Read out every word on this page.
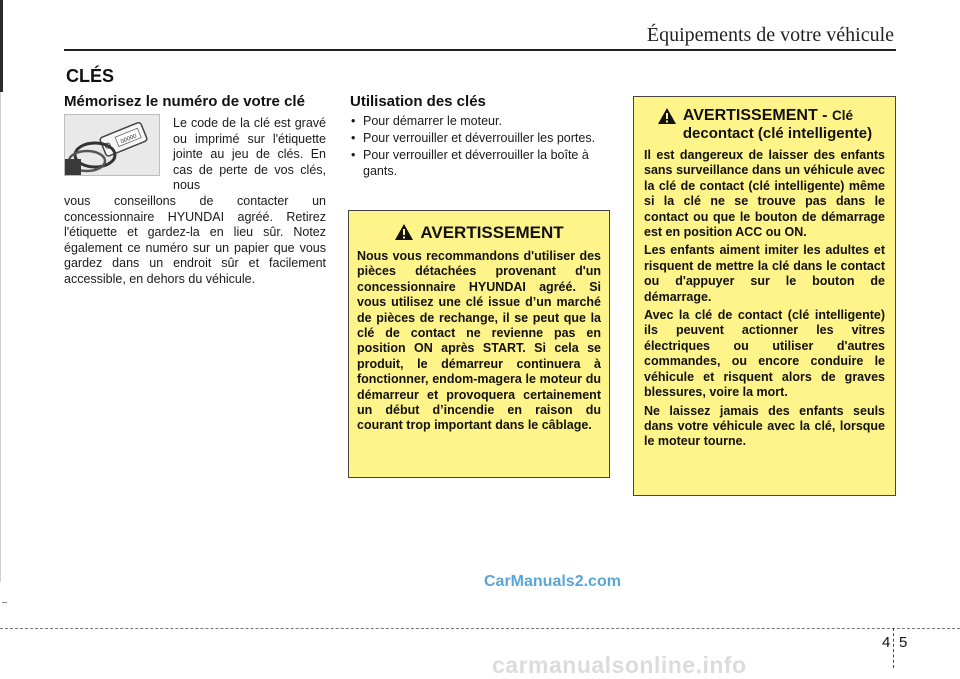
Équipements de votre véhicule
CLÉS
Mémorisez le numéro de votre clé
00000
Le code de la clé est gravé ou imprimé sur l'étiquette jointe au jeu de clés. En cas de perte de vos clés, nous
vous conseillons de contacter un concessionnaire HYUNDAI agréé. Retirez l'étiquette et gardez-la en lieu sûr. Notez également ce numéro sur un papier que vous gardez dans un endroit sûr et facilement accessible, en dehors du véhicule.
Utilisation des clés
• Pour démarrer le moteur.
• Pour verrouiller et déverrouiller les portes.
• Pour verrouiller et déverrouiller la boîte à gants.
AVERTISSEMENT
Nous vous recommandons d'utiliser des pièces détachées provenant d'un concessionnaire HYUNDAI agréé. Si vous utilisez une clé issue d’un marché de pièces de rechange, il se peut que la clé de contact ne revienne pas en position ON après START. Si cela se produit, le démarreur continuera à fonctionner, endom-magera le moteur du démarreur et provoquera certainement un début d’incendie en raison du courant trop important dans le câblage.
AVERTISSEMENT - Clé
decontact (clé intelligente)

Il est dangereux de laisser des enfants sans surveillance dans un véhicule avec la clé de contact (clé intelligente) même si la clé ne se trouve pas dans le contact ou que le bouton de démarrage est en position ACC ou ON.

Les enfants aiment imiter les adultes et risquent de mettre la clé dans le contact ou d'appuyer sur le bouton de démarrage.

Avec la clé de contact (clé intelligente) ils peuvent actionner les vitres électriques ou utiliser d'autres commandes, ou encore conduire le véhicule et risquent alors de graves blessures, voire la mort.

Ne laissez jamais des enfants seuls dans votre véhicule avec la clé, lorsque le moteur tourne.

CarManuals2.com
4 5
carmanualsonline.info
